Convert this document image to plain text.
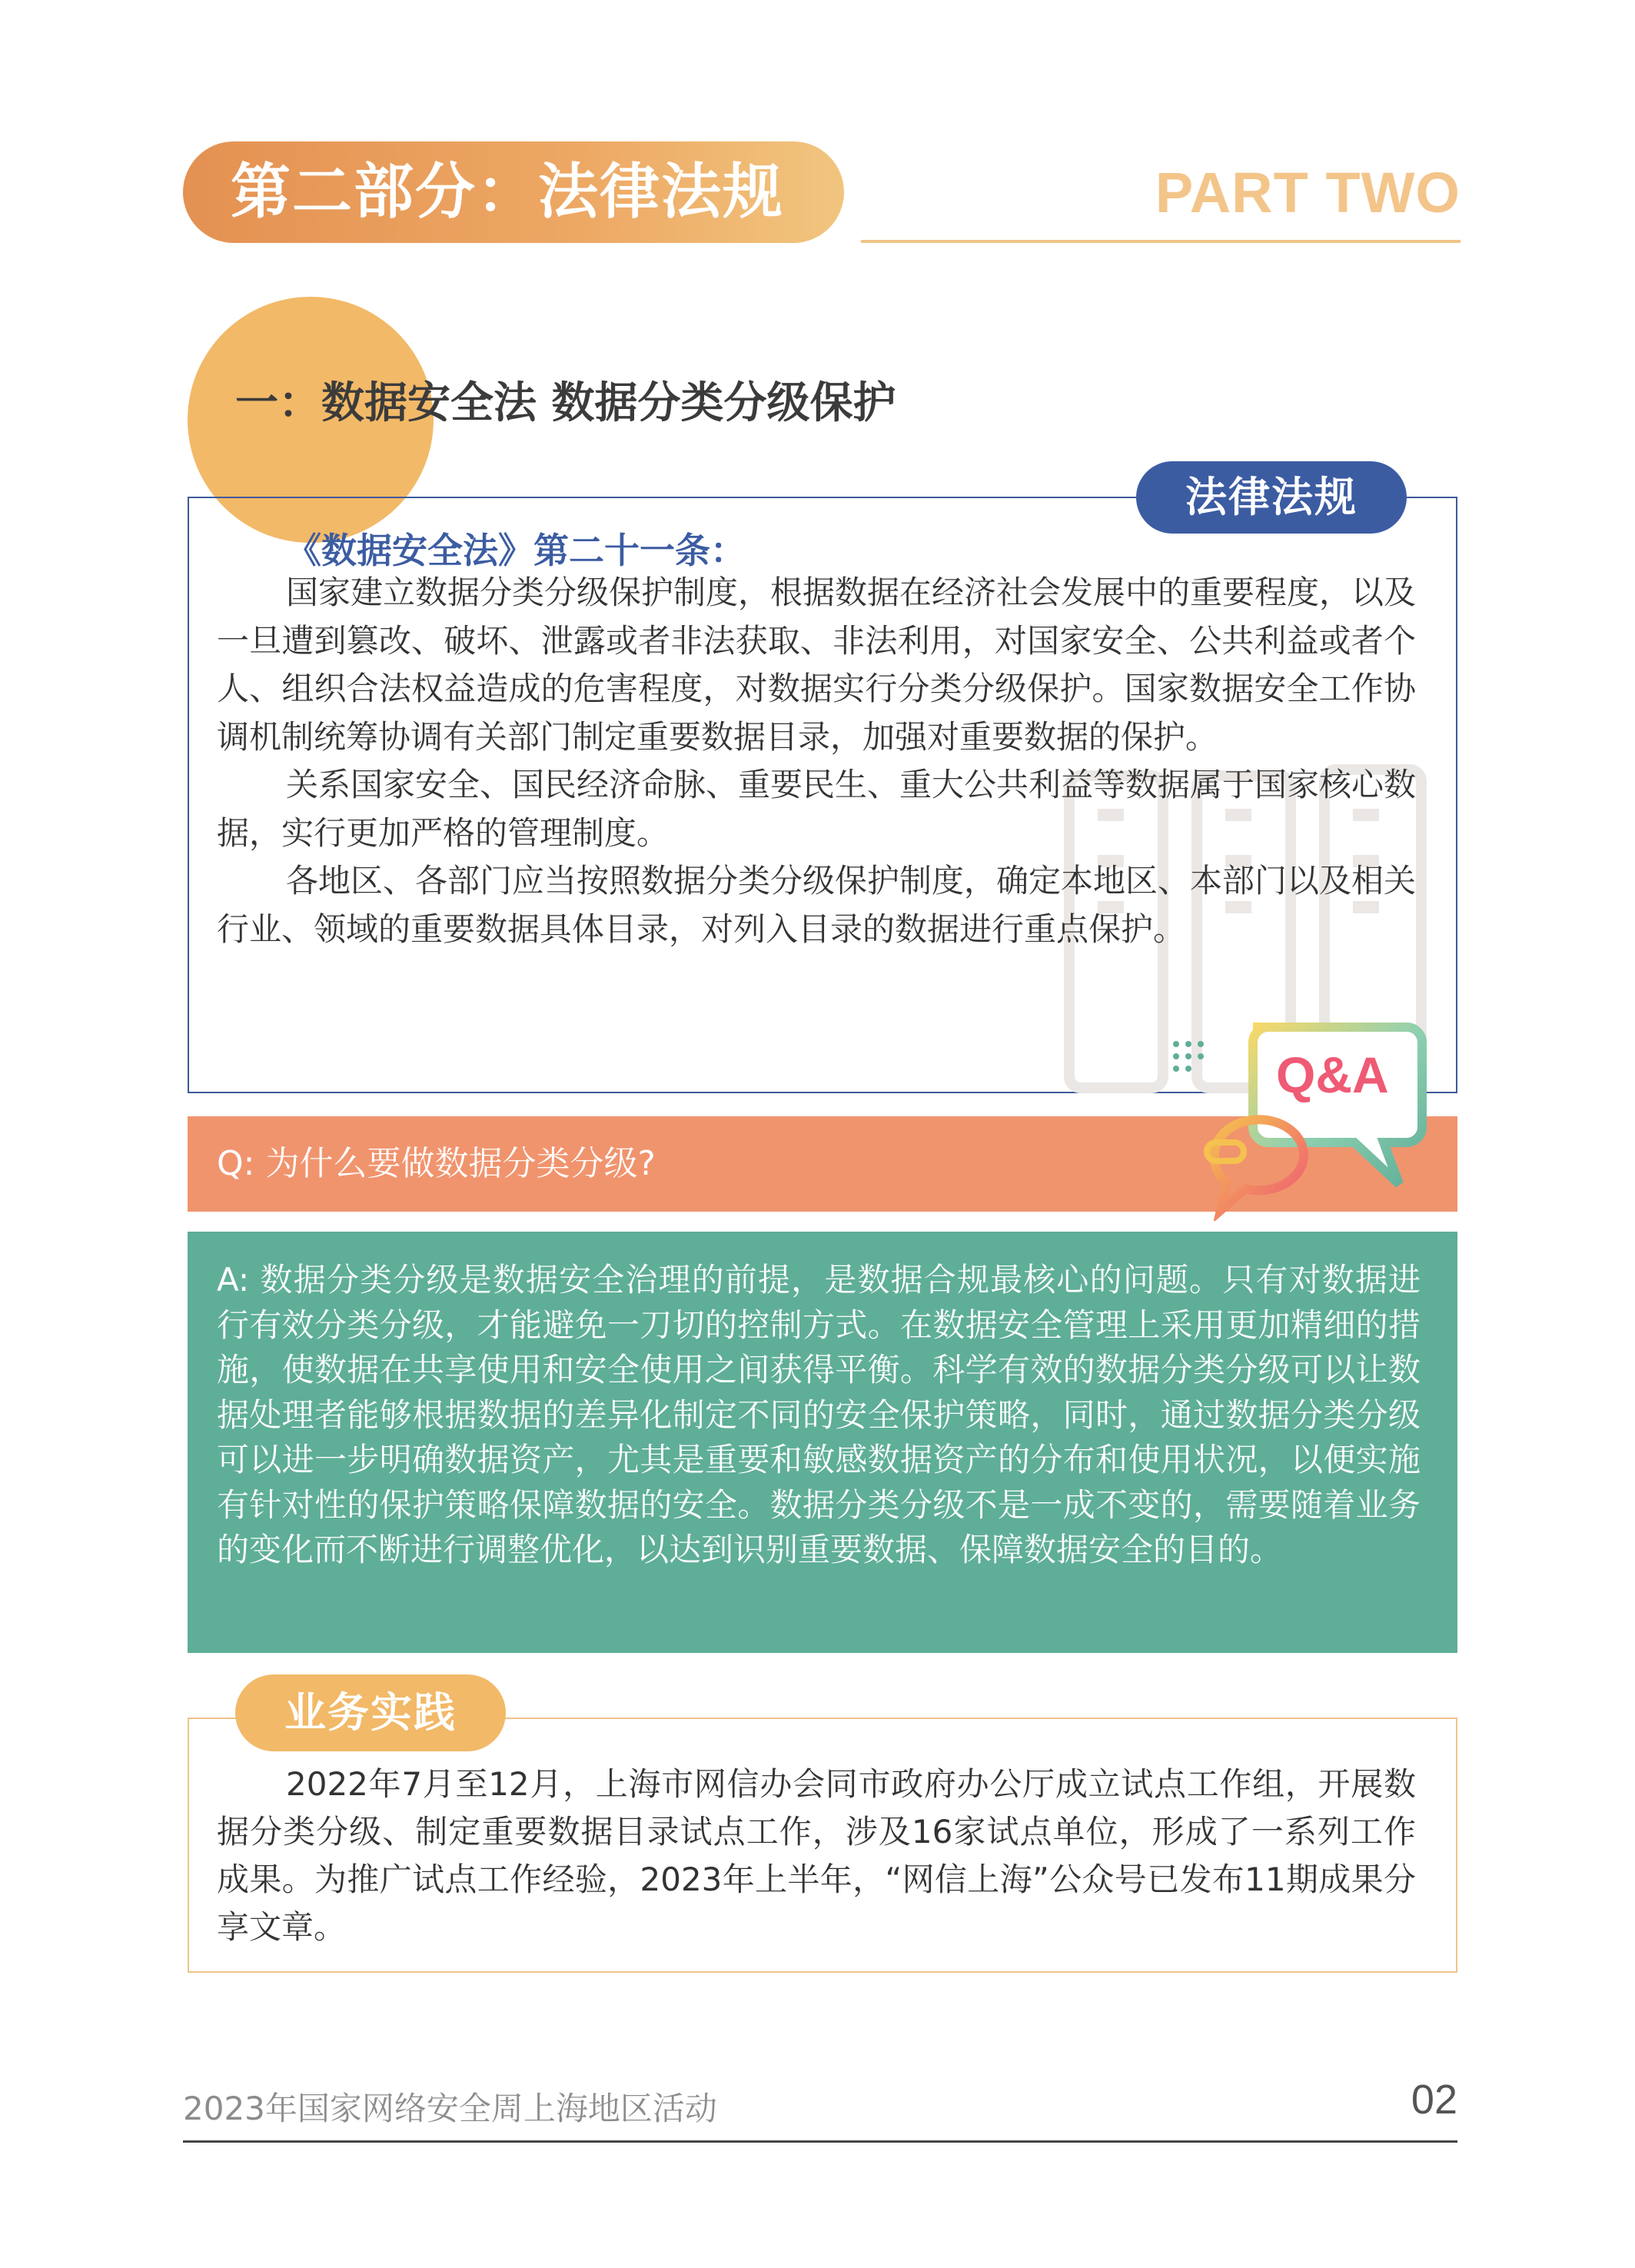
第二部分：法律法规	PART TWO
一：数据安全法 数据分类分级保护
法律法规
《数据安全法》第二十一条：

国家建立数据分类分级保护制度，根据数据在经济社会发展中的重要程度，以及一旦遭到篡改、破坏、泄露或者非法获取、非法利用，对国家安全、公共利益或者个人、组织合法权益造成的危害程度，对数据实行分类分级保护。国家数据安全工作协调机制统筹协调有关部门制定重要数据目录，加强对重要数据的保护。

关系国家安全、国民经济命脉、重要民生、重大公共利益等数据属于国家核心数据，实行更加严格的管理制度。

各地区、各部门应当按照数据分类分级保护制度，确定本地区、本部门以及相关行业、领域的重要数据具体目录，对列入目录的数据进行重点保护。

Q: 为什么要做数据分类分级?
Q&A
A: 数据分类分级是数据安全治理的前提，是数据合规最核心的问题。只有对数据进行有效分类分级，才能避免一刀切的控制方式。在数据安全管理上采用更加精细的措施，使数据在共享使用和安全使用之间获得平衡。科学有效的数据分类分级可以让数据处理者能够根据数据的差异化制定不同的安全保护策略，同时，通过数据分类分级可以进一步明确数据资产，尤其是重要和敏感数据资产的分布和使用状况，以便实施有针对性的保护策略保障数据的安全。数据分类分级不是一成不变的，需要随着业务的变化而不断进行调整优化，以达到识别重要数据、保障数据安全的目的。
业务实践
2022年7月至12月，上海市网信办会同市政府办公厅成立试点工作组，开展数据分类分级、制定重要数据目录试点工作，涉及16家试点单位，形成了一系列工作成果。为推广试点工作经验，2023年上半年，“网信上海”公众号已发布11期成果分享文章。
2023年国家网络安全周上海地区活动	02
